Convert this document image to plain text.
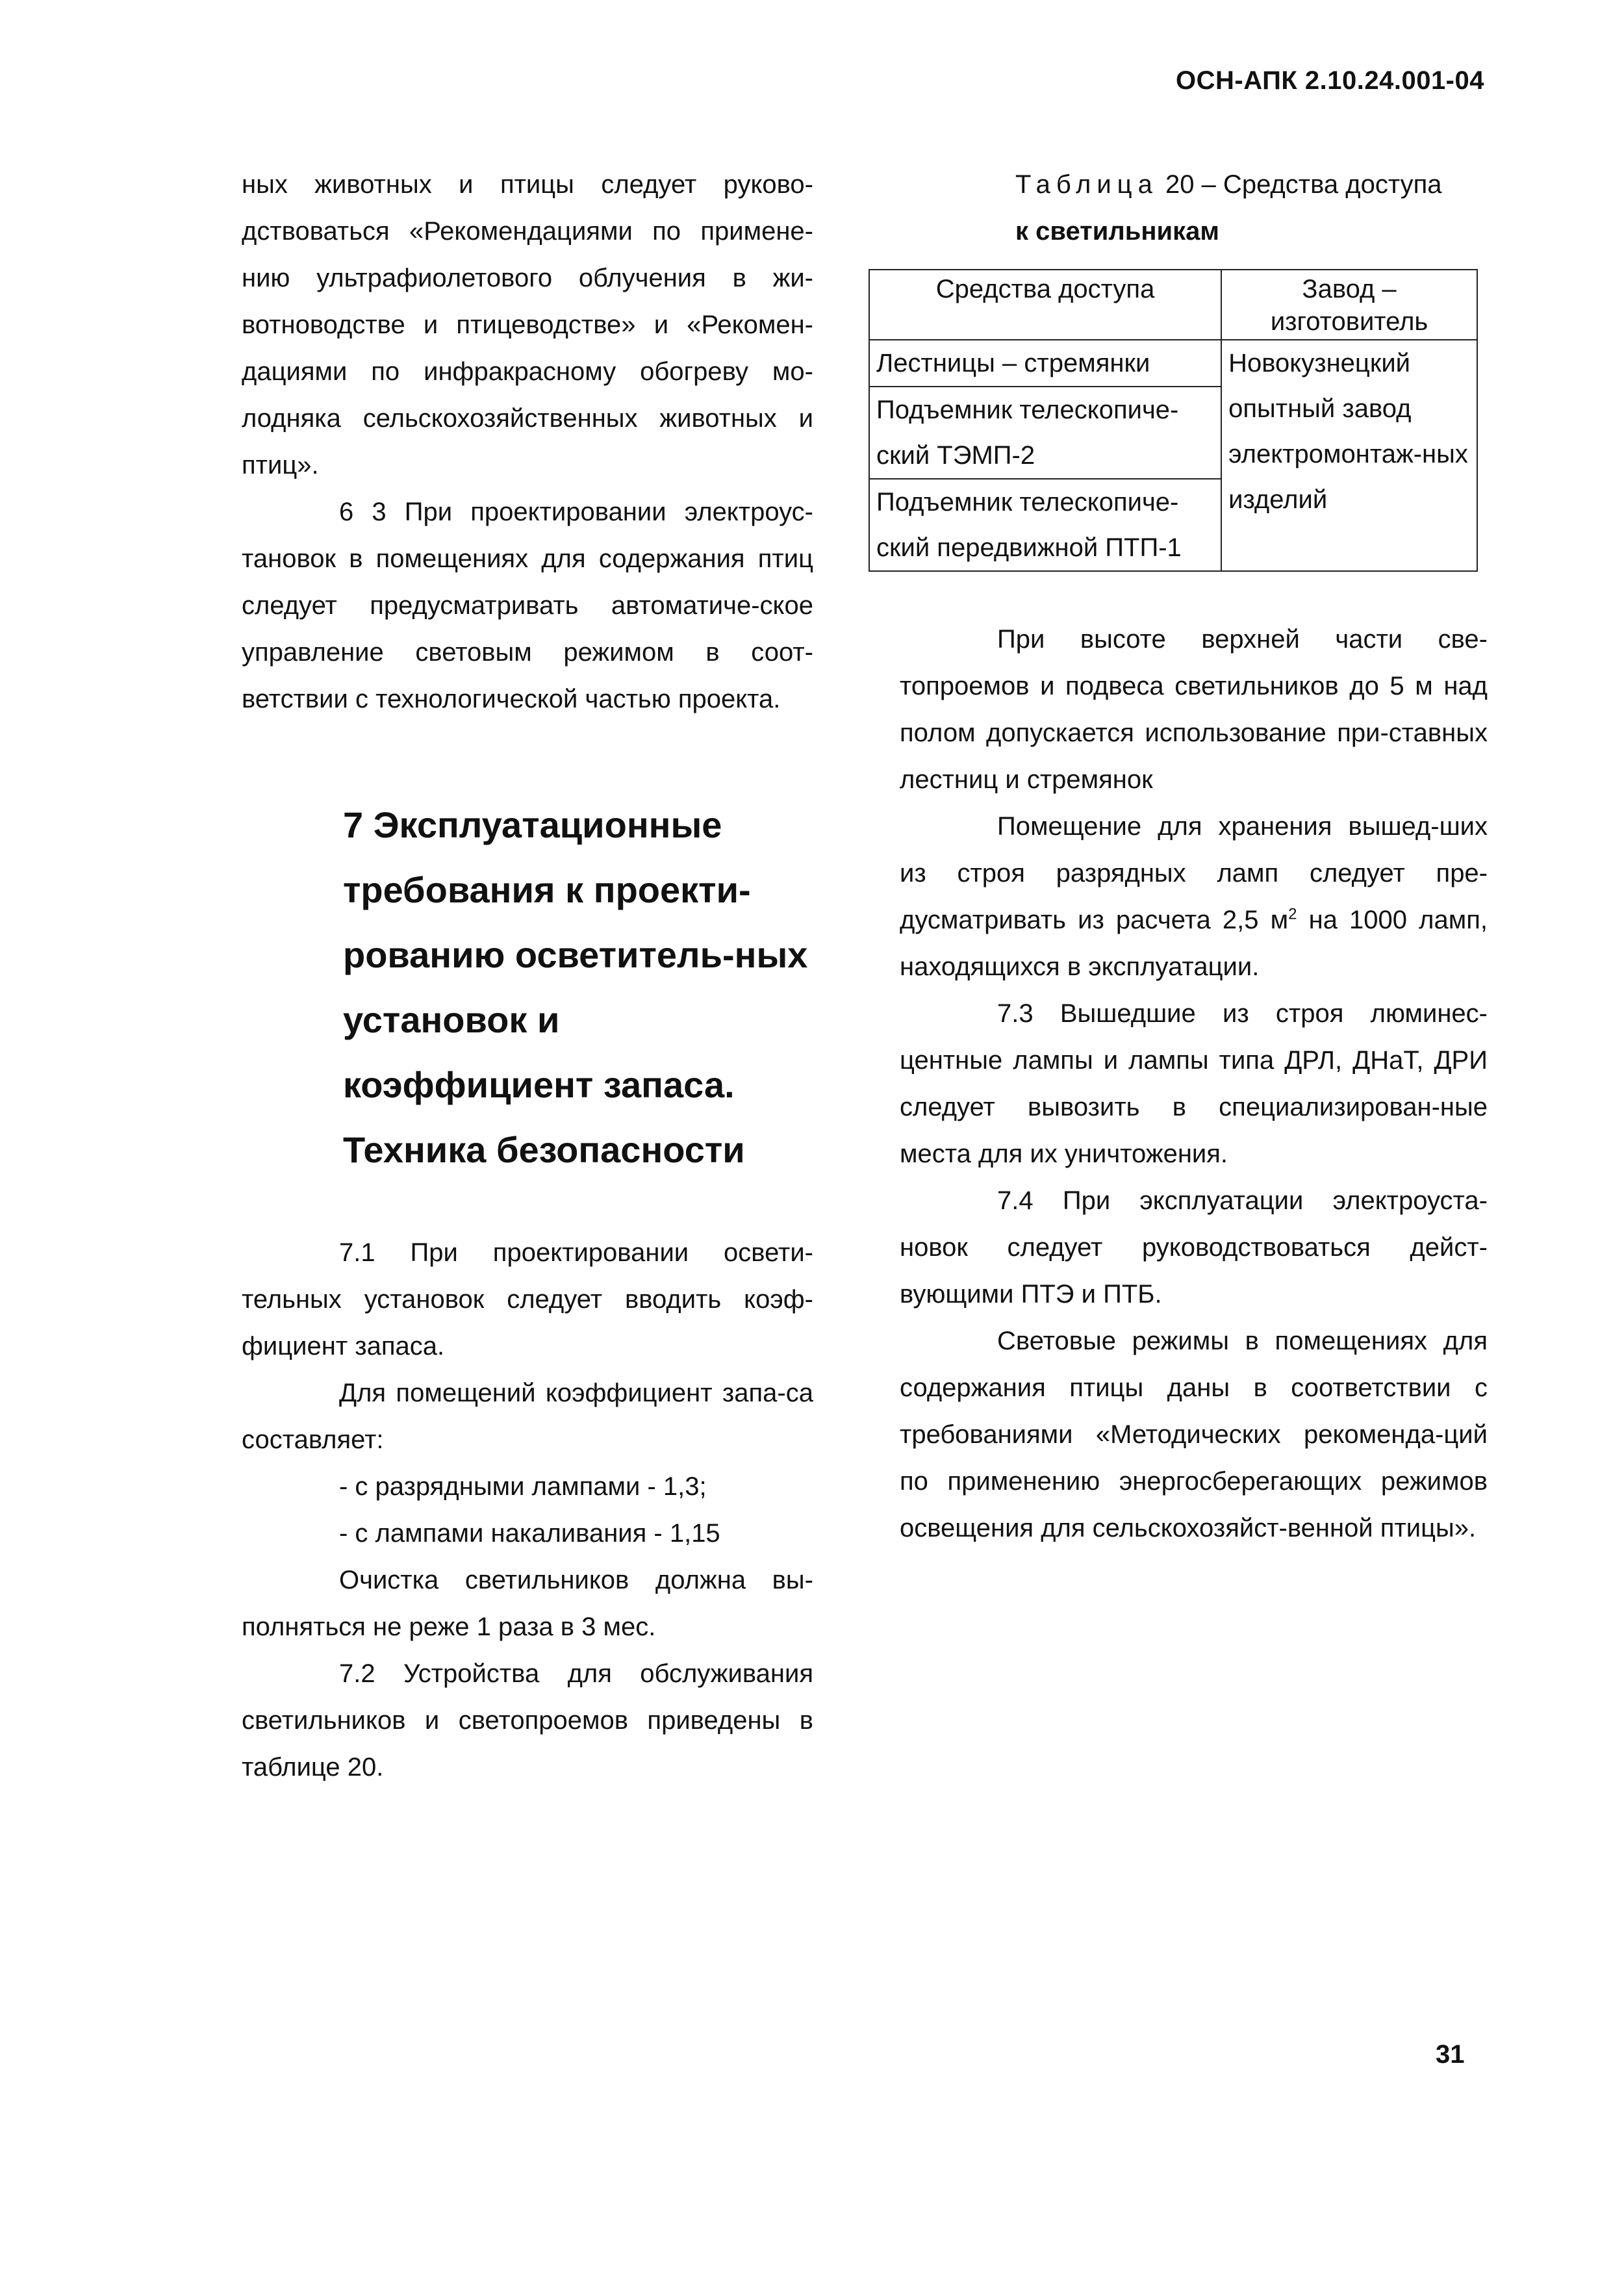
ОСН-АПК 2.10.24.001-04

ных животных и птицы следует руково-дствоваться «Рекомендациями по примене-нию ультрафиолетового облучения в жи-вотноводстве и птицеводстве» и «Рекомен-дациями по инфракрасному обогреву мо-лодняка сельскохозяйственных животных и птиц».

6 3 При проектировании электроус-тановок в помещениях для содержания птиц следует предусматривать автоматиче-ское управление световым режимом в соот-ветствии с технологической частью проекта.

7 Эксплуатационные требования к проекти-рованию осветитель-ных установок и коэффициент запаса. Техника безопасности

7.1 При проектировании освети-тельных установок следует вводить коэф-фициент запаса.

Для помещений коэффициент запа-са составляет:

- с разрядными лампами - 1,3;

- с лампами накаливания - 1,15

Очистка светильников должна вы-полняться не реже 1 раза в 3 мес.

7.2 Устройства для обслуживания светильников и светопроемов приведены в таблице 20.

Таблица 20 – Средства доступа
к светильникам
Средства доступа	Завод – изготовитель
Лестницы – стремянки	Новокузнецкий опытный завод электромонтаж-ных изделий
Подъемник телескопиче-ский ТЭМП-2	
Подъемник телескопиче-ский передвижной ПТП-1	

При высоте верхней части све-топроемов и подвеса светильников до 5 м над полом допускается использование при-ставных лестниц и стремянок

Помещение для хранения вышед-ших из строя разрядных ламп следует пре-дусматривать из расчета 2,5 $м^2$ на 1000 ламп, находящихся в эксплуатации.

7.3 Вышедшие из строя люминес-центные лампы и лампы типа ДРЛ, ДНаТ, ДРИ следует вывозить в специализирован-ные места для их уничтожения.

7.4 При эксплуатации электроуста-новок следует руководствоваться дейст-вующими ПТЭ и ПТБ.

Световые режимы в помещениях для содержания птицы даны в соответствии с требованиями «Методических рекоменда-ций по применению энергосберегающих режимов освещения для сельскохозяйст-венной птицы».

31
